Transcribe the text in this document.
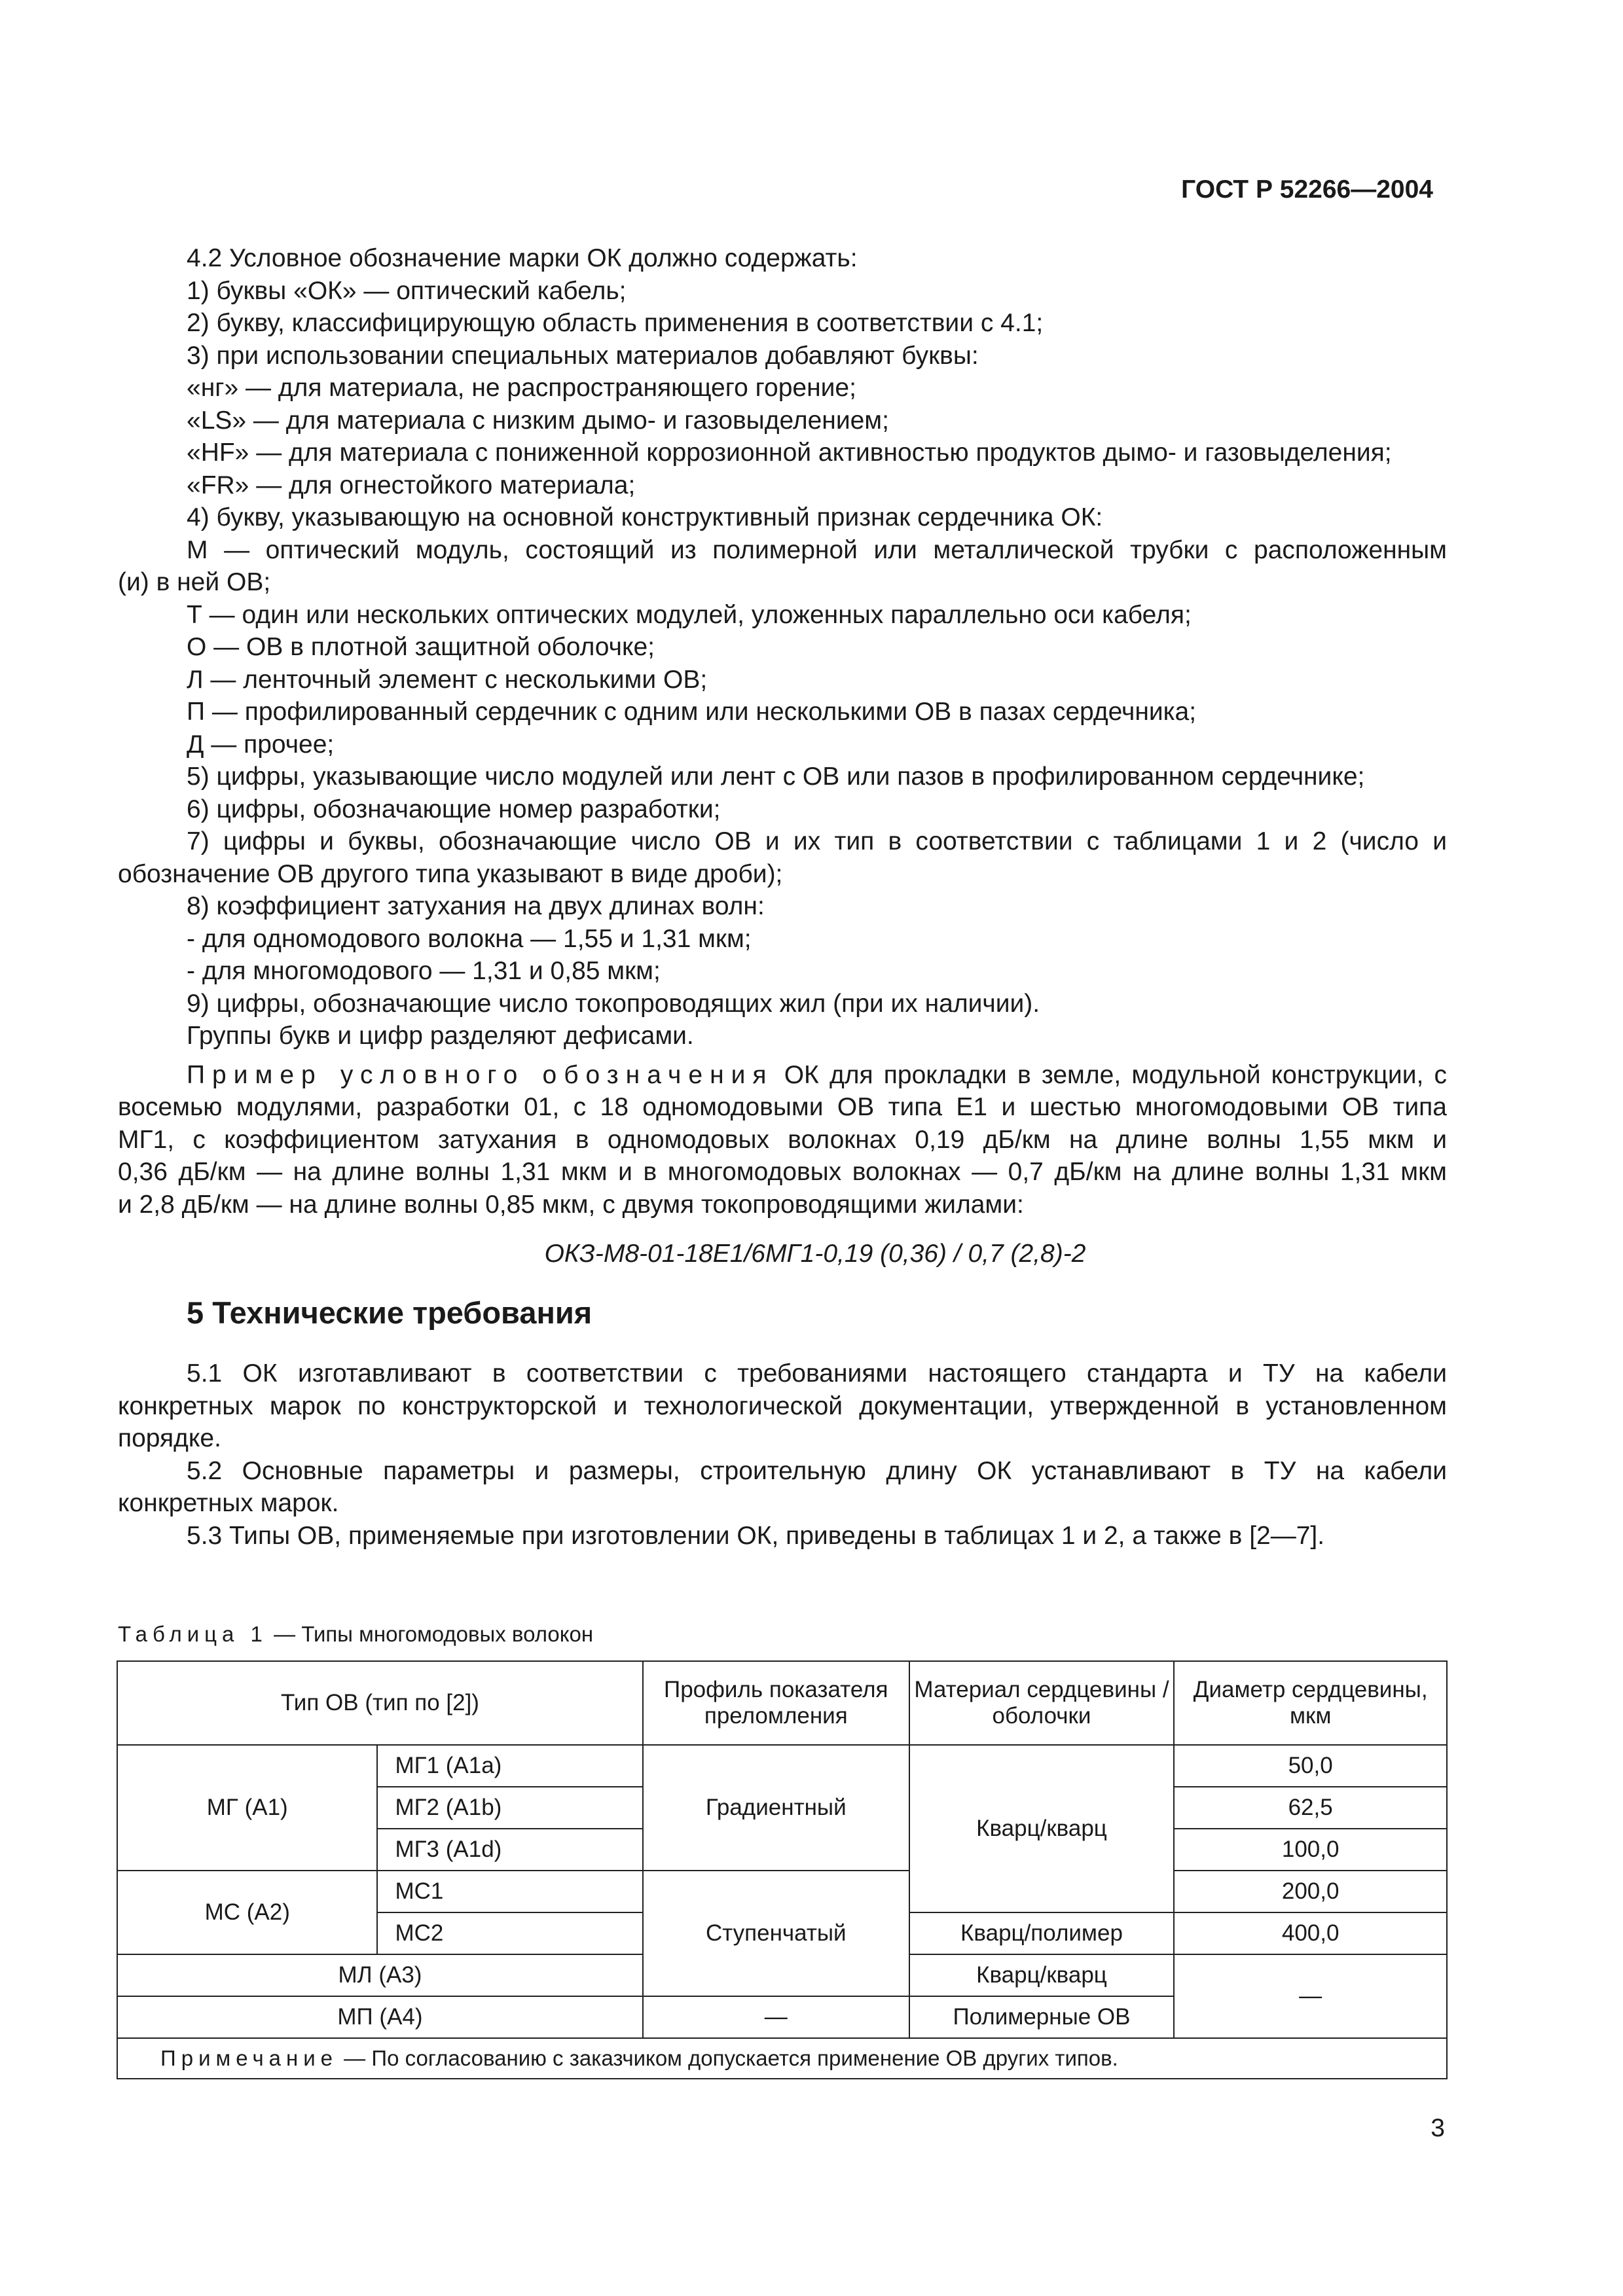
ГОСТ Р 52266—2004

4.2 Условное обозначение марки ОК должно содержать:

1) буквы «ОК» — оптический кабель;

2) букву, классифицирующую область применения в соответствии с 4.1;

3) при использовании специальных материалов добавляют буквы:

«нг» — для материала, не распространяющего горение;

«LS» — для материала с низким дымо- и газовыделением;

«HF» — для материала с пониженной коррозионной активностью продуктов дымо- и газовыделения;

«FR» — для огнестойкого материала;

4) букву, указывающую на основной конструктивный признак сердечника ОК:

М — оптический модуль, состоящий из полимерной или металлической трубки с расположенным

(и) в ней ОВ;

Т — один или нескольких оптических модулей, уложенных параллельно оси кабеля;

О — ОВ в плотной защитной оболочке;

Л — ленточный элемент с несколькими ОВ;

П — профилированный сердечник с одним или несколькими ОВ в пазах сердечника;

Д — прочее;

5) цифры, указывающие число модулей или лент с ОВ или пазов в профилированном сердечнике;

6) цифры, обозначающие номер разработки;

7) цифры и буквы, обозначающие число ОВ и их тип в соответствии с таблицами 1 и 2 (число и

обозначение ОВ другого типа указывают в виде дроби);

8) коэффициент затухания на двух длинах волн:

- для одномодового волокна — 1,55 и 1,31 мкм;

- для многомодового — 1,31 и 0,85 мкм;

9) цифры, обозначающие число токопроводящих жил (при их наличии).

Группы букв и цифр разделяют дефисами.

Пример условного обозначения ОК для прокладки в земле, модульной конструкции, с

восемью модулями, разработки 01, с 18 одномодовыми ОВ типа Е1 и шестью многомодовыми ОВ типа

МГ1, с коэффициентом затухания в одномодовых волокнах 0,19 дБ/км на длине волны 1,55 мкм и

0,36 дБ/км — на длине волны 1,31 мкм и в многомодовых волокнах — 0,7 дБ/км на длине волны 1,31 мкм

и 2,8 дБ/км — на длине волны 0,85 мкм, с двумя токопроводящими жилами:

ОКЗ-М8-01-18Е1/6МГ1-0,19 (0,36) / 0,7 (2,8)-2

5 Технические требования

5.1 ОК изготавливают в соответствии с требованиями настоящего стандарта и ТУ на кабели

конкретных марок по конструкторской и технологической документации, утвержденной в установленном

порядке.

5.2 Основные параметры и размеры, строительную длину ОК устанавливают в ТУ на кабели

конкретных марок.

5.3 Типы ОВ, применяемые при изготовлении ОК, приведены в таблицах 1 и 2, а также в [2—7].

Таблица 1 — Типы многомодовых волокон
Тип ОВ (тип по [2])		Профиль показателя преломления	Материал сердцевины / оболочки	Диаметр сердцевины, мкм
МГ (А1)	МГ1 (А1а)	Градиентный	Кварц/кварц	50,0
	МГ2 (А1b)			62,5
	МГ3 (А1d)			100,0
МС (А2)	МС1	Ступенчатый		200,0
	МС2		Кварц/полимер	400,0
МЛ (А3)			Кварц/кварц	—
МП (А4)		—	Полимерные ОВ	
Примечание — По согласованию с заказчиком допускается применение ОВ других типов.				
3
